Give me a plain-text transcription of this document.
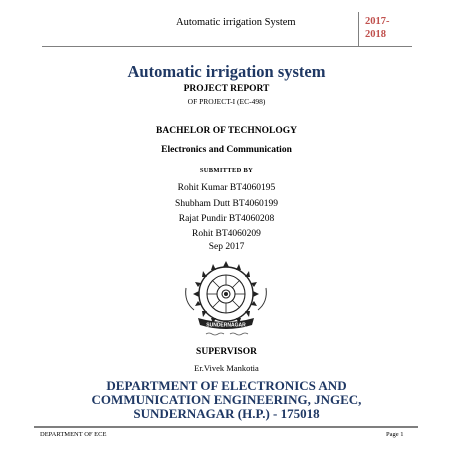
Automatic irrigation System	2017-
2018
Automatic irrigation system
PROJECT REPORT
OF PROJECT-I (EC-498)
BACHELOR OF TECHNOLOGY
Electronics and Communication
SUBMITTED BY
Rohit Kumar BT4060195
Shubham Dutt BT4060199
Rajat Pundir BT4060208
Rohit BT4060209
Sep 2017
SUNDERNAGAR
SUPERVISOR
Er.Vivek Mankotia
DEPARTMENT OF ELECTRONICS AND
COMMUNICATION ENGINEERING, JNGEC,
SUNDERNAGAR (H.P.) - 175018
DEPARTMENT OF ECE	Page 1
